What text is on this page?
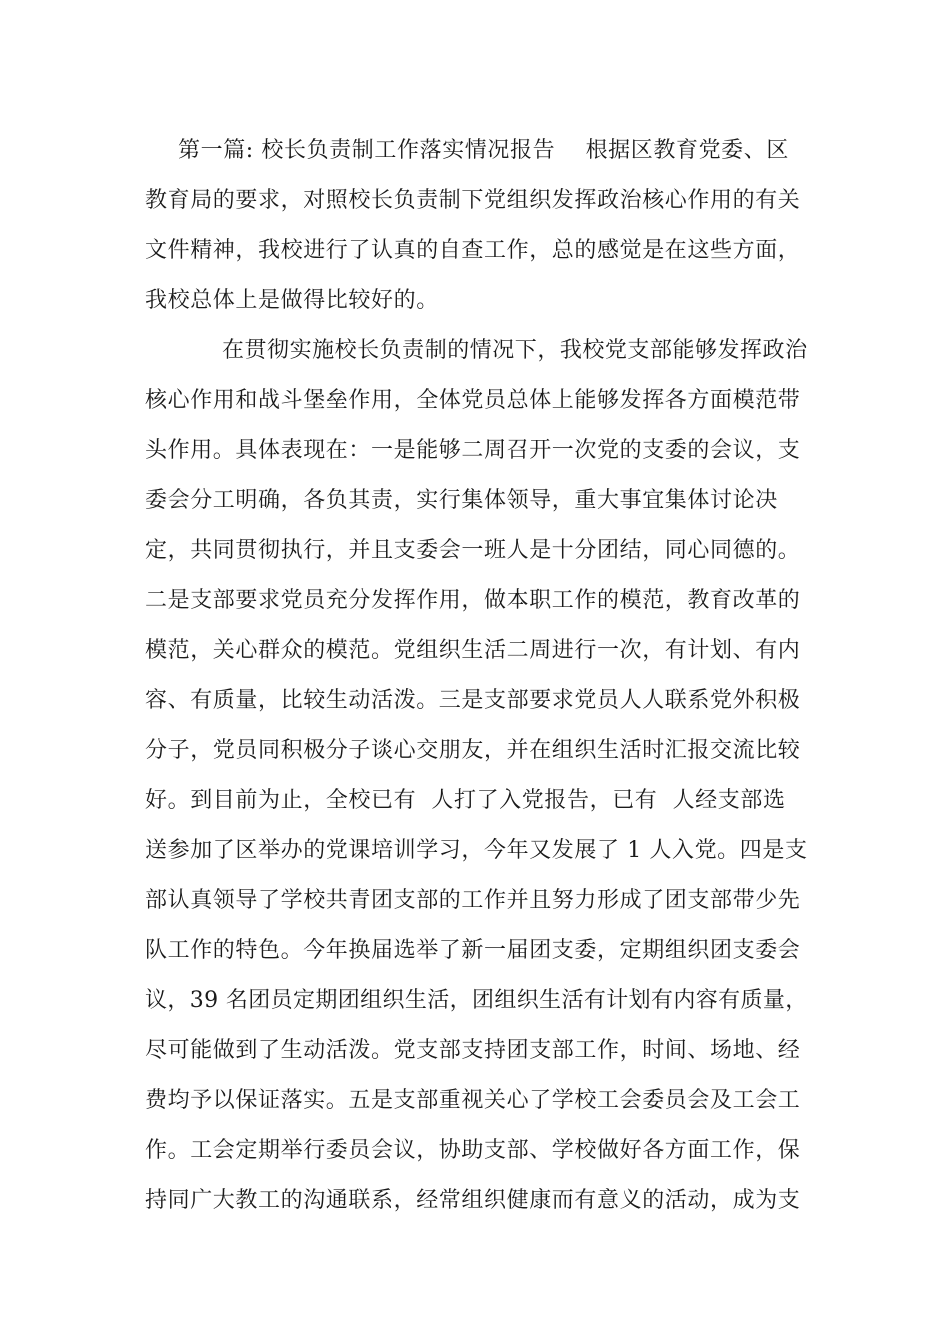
第一篇: 校长负责制工作落实情况报告    根据区教育党委、区
教育局的要求，对照校长负责制下党组织发挥政治核心作用的有关
文件精神，我校进行了认真的自查工作，总的感觉是在这些方面，
我校总体上是做得比较好的。
在贯彻实施校长负责制的情况下，我校党支部能够发挥政治
核心作用和战斗堡垒作用，全体党员总体上能够发挥各方面模范带
头作用。具体表现在：一是能够二周召开一次党的支委的会议，支
委会分工明确，各负其责，实行集体领导，重大事宜集体讨论决
定，共同贯彻执行，并且支委会一班人是十分团结，同心同德的。
二是支部要求党员充分发挥作用，做本职工作的模范，教育改革的
模范，关心群众的模范。党组织生活二周进行一次，有计划、有内
容、有质量，比较生动活泼。三是支部要求党员人人联系党外积极
分子，党员同积极分子谈心交朋友，并在组织生活时汇报交流比较
好。到目前为止，全校已有  人打了入党报告，已有  人经支部选
送参加了区举办的党课培训学习，今年又发展了 1 人入党。四是支
部认真领导了学校共青团支部的工作并且努力形成了团支部带少先
队工作的特色。今年换届选举了新一届团支委，定期组织团支委会
议，39 名团员定期团组织生活，团组织生活有计划有内容有质量，
尽可能做到了生动活泼。党支部支持团支部工作，时间、场地、经
费均予以保证落实。五是支部重视关心了学校工会委员会及工会工
作。工会定期举行委员会议，协助支部、学校做好各方面工作，保
持同广大教工的沟通联系，经常组织健康而有意义的活动，成为支
